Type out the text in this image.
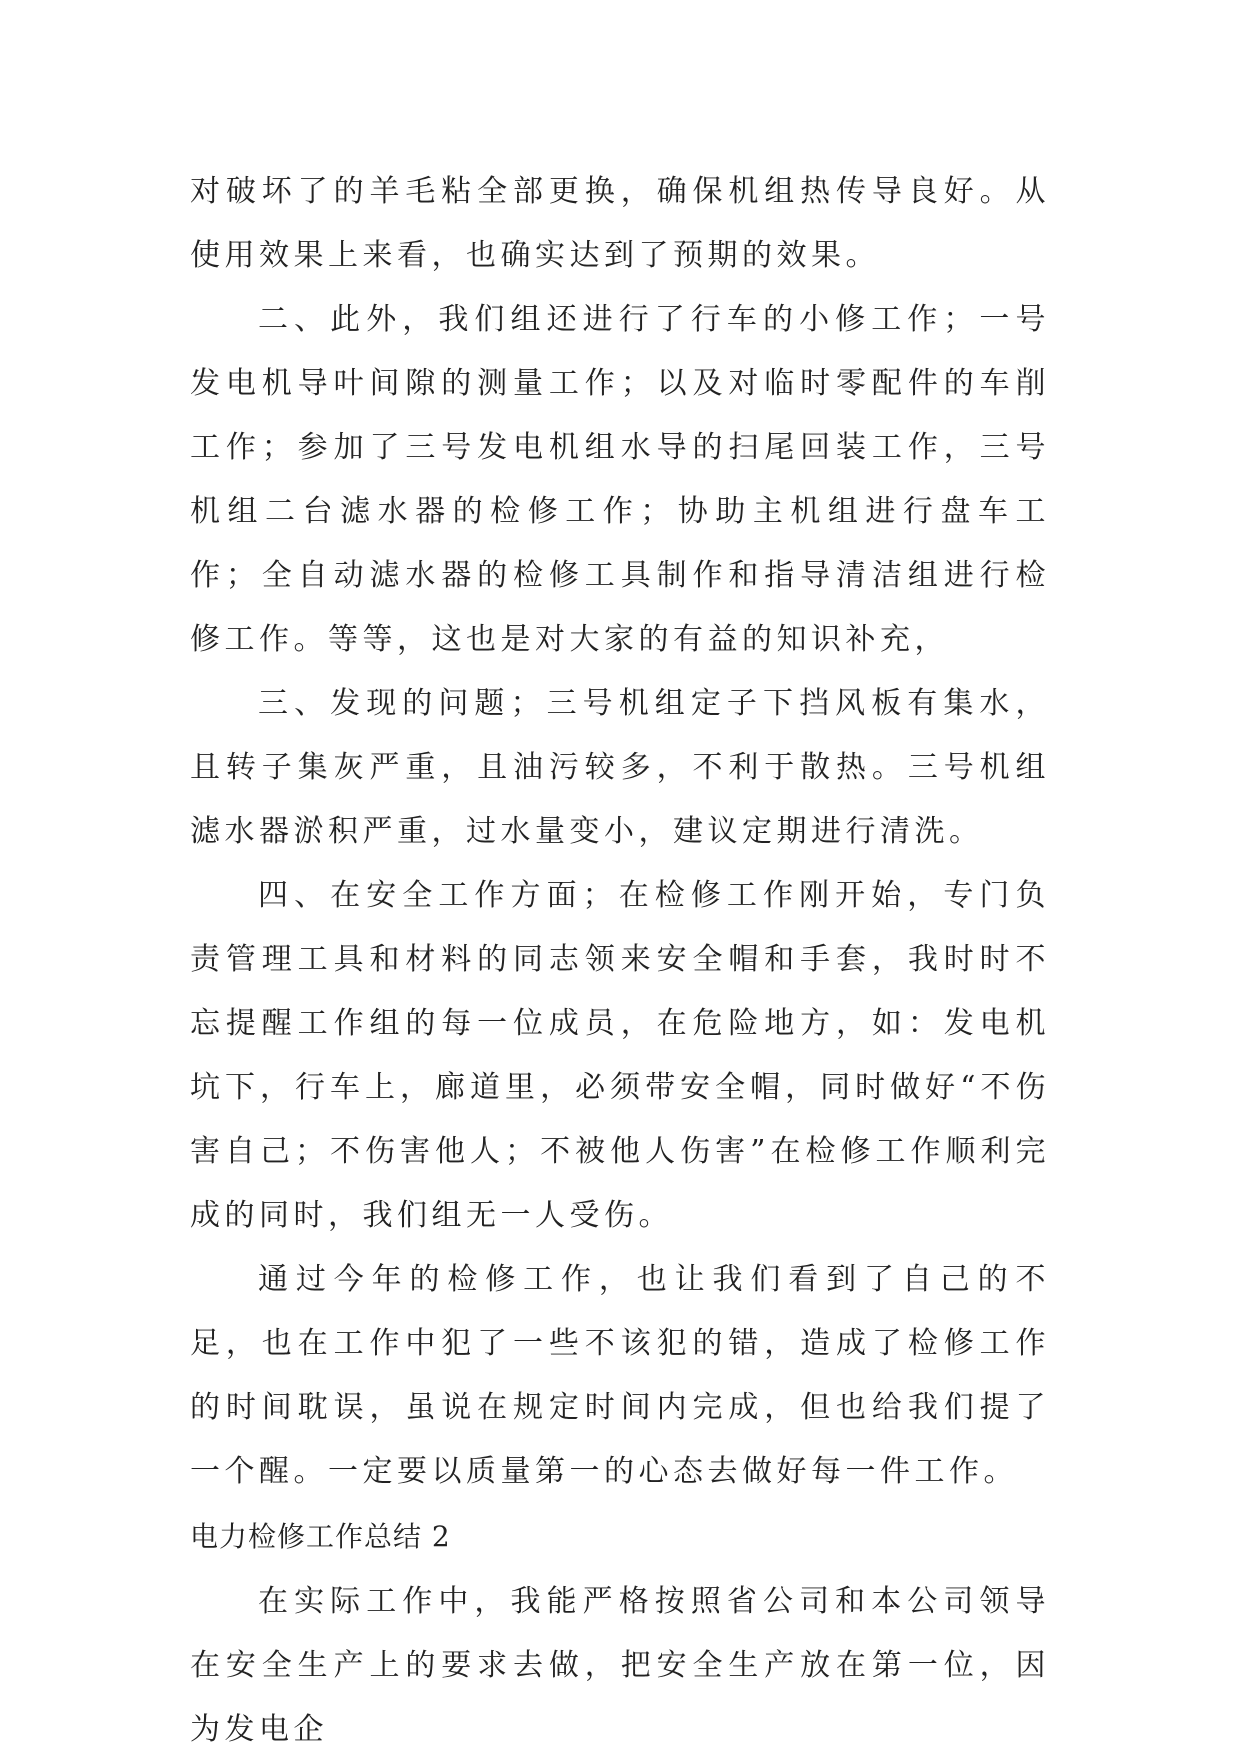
对破坏了的羊毛粘全部更换，确保机组热传导良好。从使用效果上来看，也确实达到了预期的效果。

二、此外，我们组还进行了行车的小修工作；一号发电机导叶间隙的测量工作；以及对临时零配件的车削工作；参加了三号发电机组水导的扫尾回装工作，三号机组二台滤水器的检修工作；协助主机组进行盘车工作；全自动滤水器的检修工具制作和指导清洁组进行检修工作。等等，这也是对大家的有益的知识补充，

三、发现的问题；三号机组定子下挡风板有集水，且转子集灰严重，且油污较多，不利于散热。三号机组滤水器淤积严重，过水量变小，建议定期进行清洗。

四、在安全工作方面；在检修工作刚开始，专门负责管理工具和材料的同志领来安全帽和手套，我时时不忘提醒工作组的每一位成员，在危险地方，如：发电机坑下，行车上，廊道里，必须带安全帽，同时做好“不伤害自己；不伤害他人；不被他人伤害”在检修工作顺利完成的同时，我们组无一人受伤。

通过今年的检修工作，也让我们看到了自己的不足，也在工作中犯了一些不该犯的错，造成了检修工作的时间耽误，虽说在规定时间内完成，但也给我们提了一个醒。一定要以质量第一的心态去做好每一件工作。

电力检修工作总结 2

在实际工作中，我能严格按照省公司和本公司领导在安全生产上的要求去做，把安全生产放在第一位，因为发电企
